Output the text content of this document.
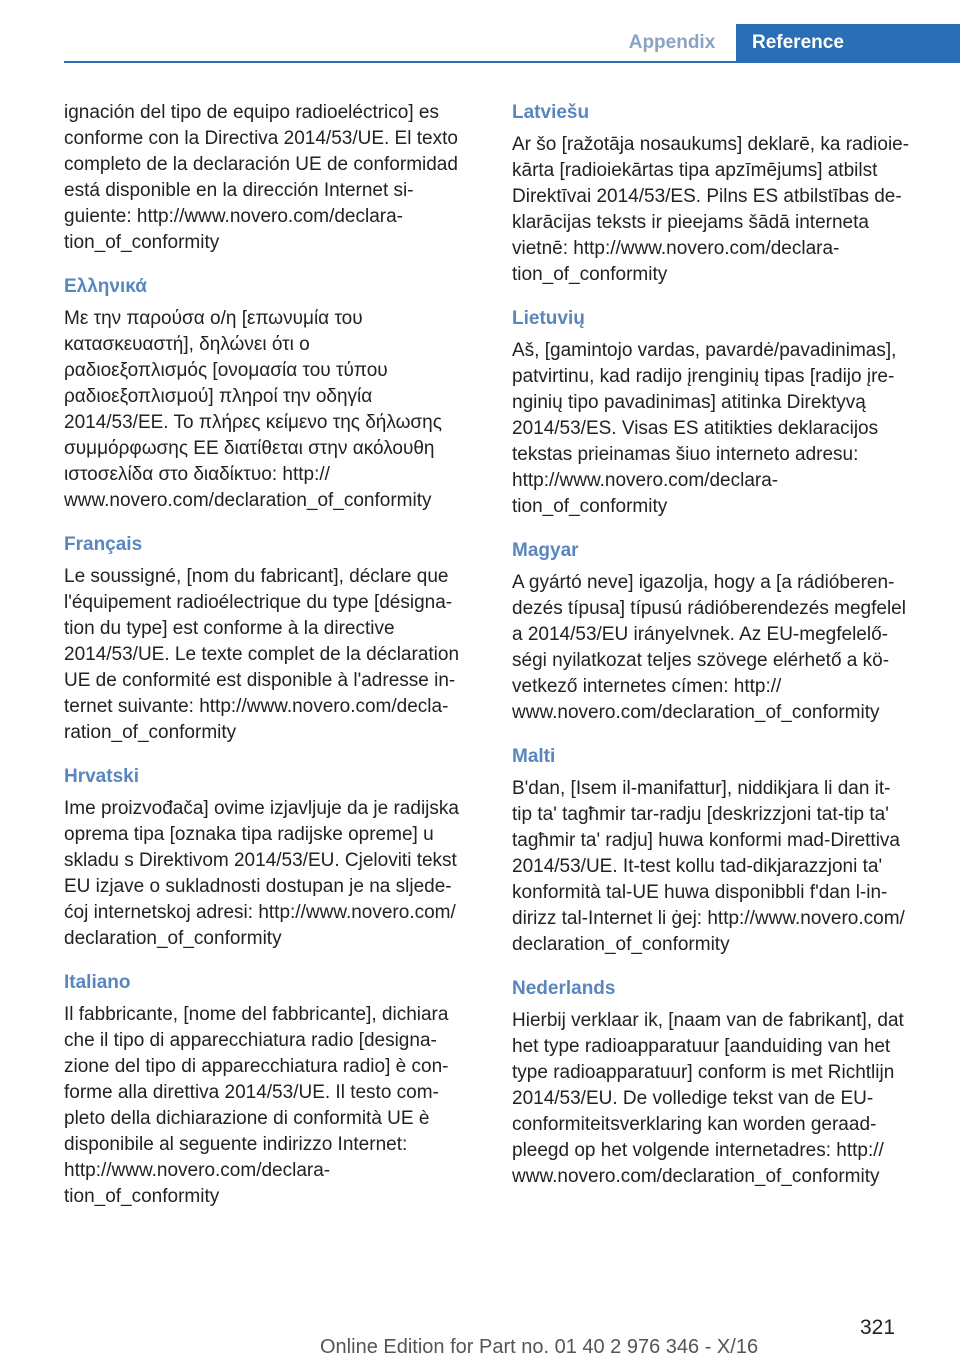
Appendix	Reference

ignación del tipo de equipo radioeléctrico] es
conforme con la Directiva 2014/53/UE. El texto
completo de la declaración UE de conformidad
está disponible en la dirección Internet si-
guiente: http://www.novero.com/declara-
tion_of_conformity

Ελληνικά

Με την παρούσα ο/η [επωνυμία του
κατασκευαστή], δηλώνει ότι ο
ραδιοεξοπλισμός [ονομασία του τύπου
ραδιοεξοπλισμού] πληροί την οδηγία
2014/53/ΕΕ. Το πλήρες κείμενο της δήλωσης
συμμόρφωσης ΕΕ διατίθεται στην ακόλουθη
ιστοσελίδα στο διαδίκτυο: http://
www.novero.com/declaration_of_conformity

Français

Le soussigné, [nom du fabricant], déclare que
l'équipement radioélectrique du type [désigna-
tion du type] est conforme à la directive
2014/53/UE. Le texte complet de la déclaration
UE de conformité est disponible à l'adresse in-
ternet suivante: http://www.novero.com/decla-
ration_of_conformity

Hrvatski

Ime proizvođača] ovime izjavljuje da je radijska
oprema tipa [oznaka tipa radijske opreme] u
skladu s Direktivom 2014/53/EU. Cjeloviti tekst
EU izjave o sukladnosti dostupan je na sljede-
ćoj internetskoj adresi: http://www.novero.com/
declaration_of_conformity

Italiano

Il fabbricante, [nome del fabbricante], dichiara
che il tipo di apparecchiatura radio [designa-
zione del tipo di apparecchiatura radio] è con-
forme alla direttiva 2014/53/UE. Il testo com-
pleto della dichiarazione di conformità UE è
disponibile al seguente indirizzo Internet:
http://www.novero.com/declara-
tion_of_conformity

Latviešu

Ar šo [ražotāja nosaukums] deklarē, ka radioie-
kārta [radioiekārtas tipa apzīmējums] atbilst
Direktīvai 2014/53/ES. Pilns ES atbilstības de-
klarācijas teksts ir pieejams šādā interneta
vietnē: http://www.novero.com/declara-
tion_of_conformity

Lietuvių

Aš, [gamintojo vardas, pavardė/pavadinimas],
patvirtinu, kad radijo įrenginių tipas [radijo įre-
nginių tipo pavadinimas] atitinka Direktyvą
2014/53/ES. Visas ES atitikties deklaracijos
tekstas prieinamas šiuo interneto adresu:
http://www.novero.com/declara-
tion_of_conformity

Magyar

A gyártó neve] igazolja, hogy a [a rádióberen-
dezés típusa] típusú rádióberendezés megfelel
a 2014/53/EU irányelvnek. Az EU-megfelelő-
ségi nyilatkozat teljes szövege elérhető a kö-
vetkező internetes címen: http://
www.novero.com/declaration_of_conformity

Malti

B'dan, [Isem il-manifattur], niddikjara li dan it-
tip ta' tagħmir tar-radju [deskrizzjoni tat-tip ta'
tagħmir ta' radju] huwa konformi mad-Direttiva
2014/53/UE. It-test kollu tad-dikjarazzjoni ta'
konformità tal-UE huwa disponibbli f'dan l-in-
dirizz tal-Internet li ġej: http://www.novero.com/
declaration_of_conformity

Nederlands

Hierbij verklaar ik, [naam van de fabrikant], dat
het type radioapparatuur [aanduiding van het
type radioapparatuur] conform is met Richtlijn
2014/53/EU. De volledige tekst van de EU-
conformiteitsverklaring kan worden geraad-
pleegd op het volgende internetadres: http://
www.novero.com/declaration_of_conformity

321
Online Edition for Part no. 01 40 2 976 346 - X/16
